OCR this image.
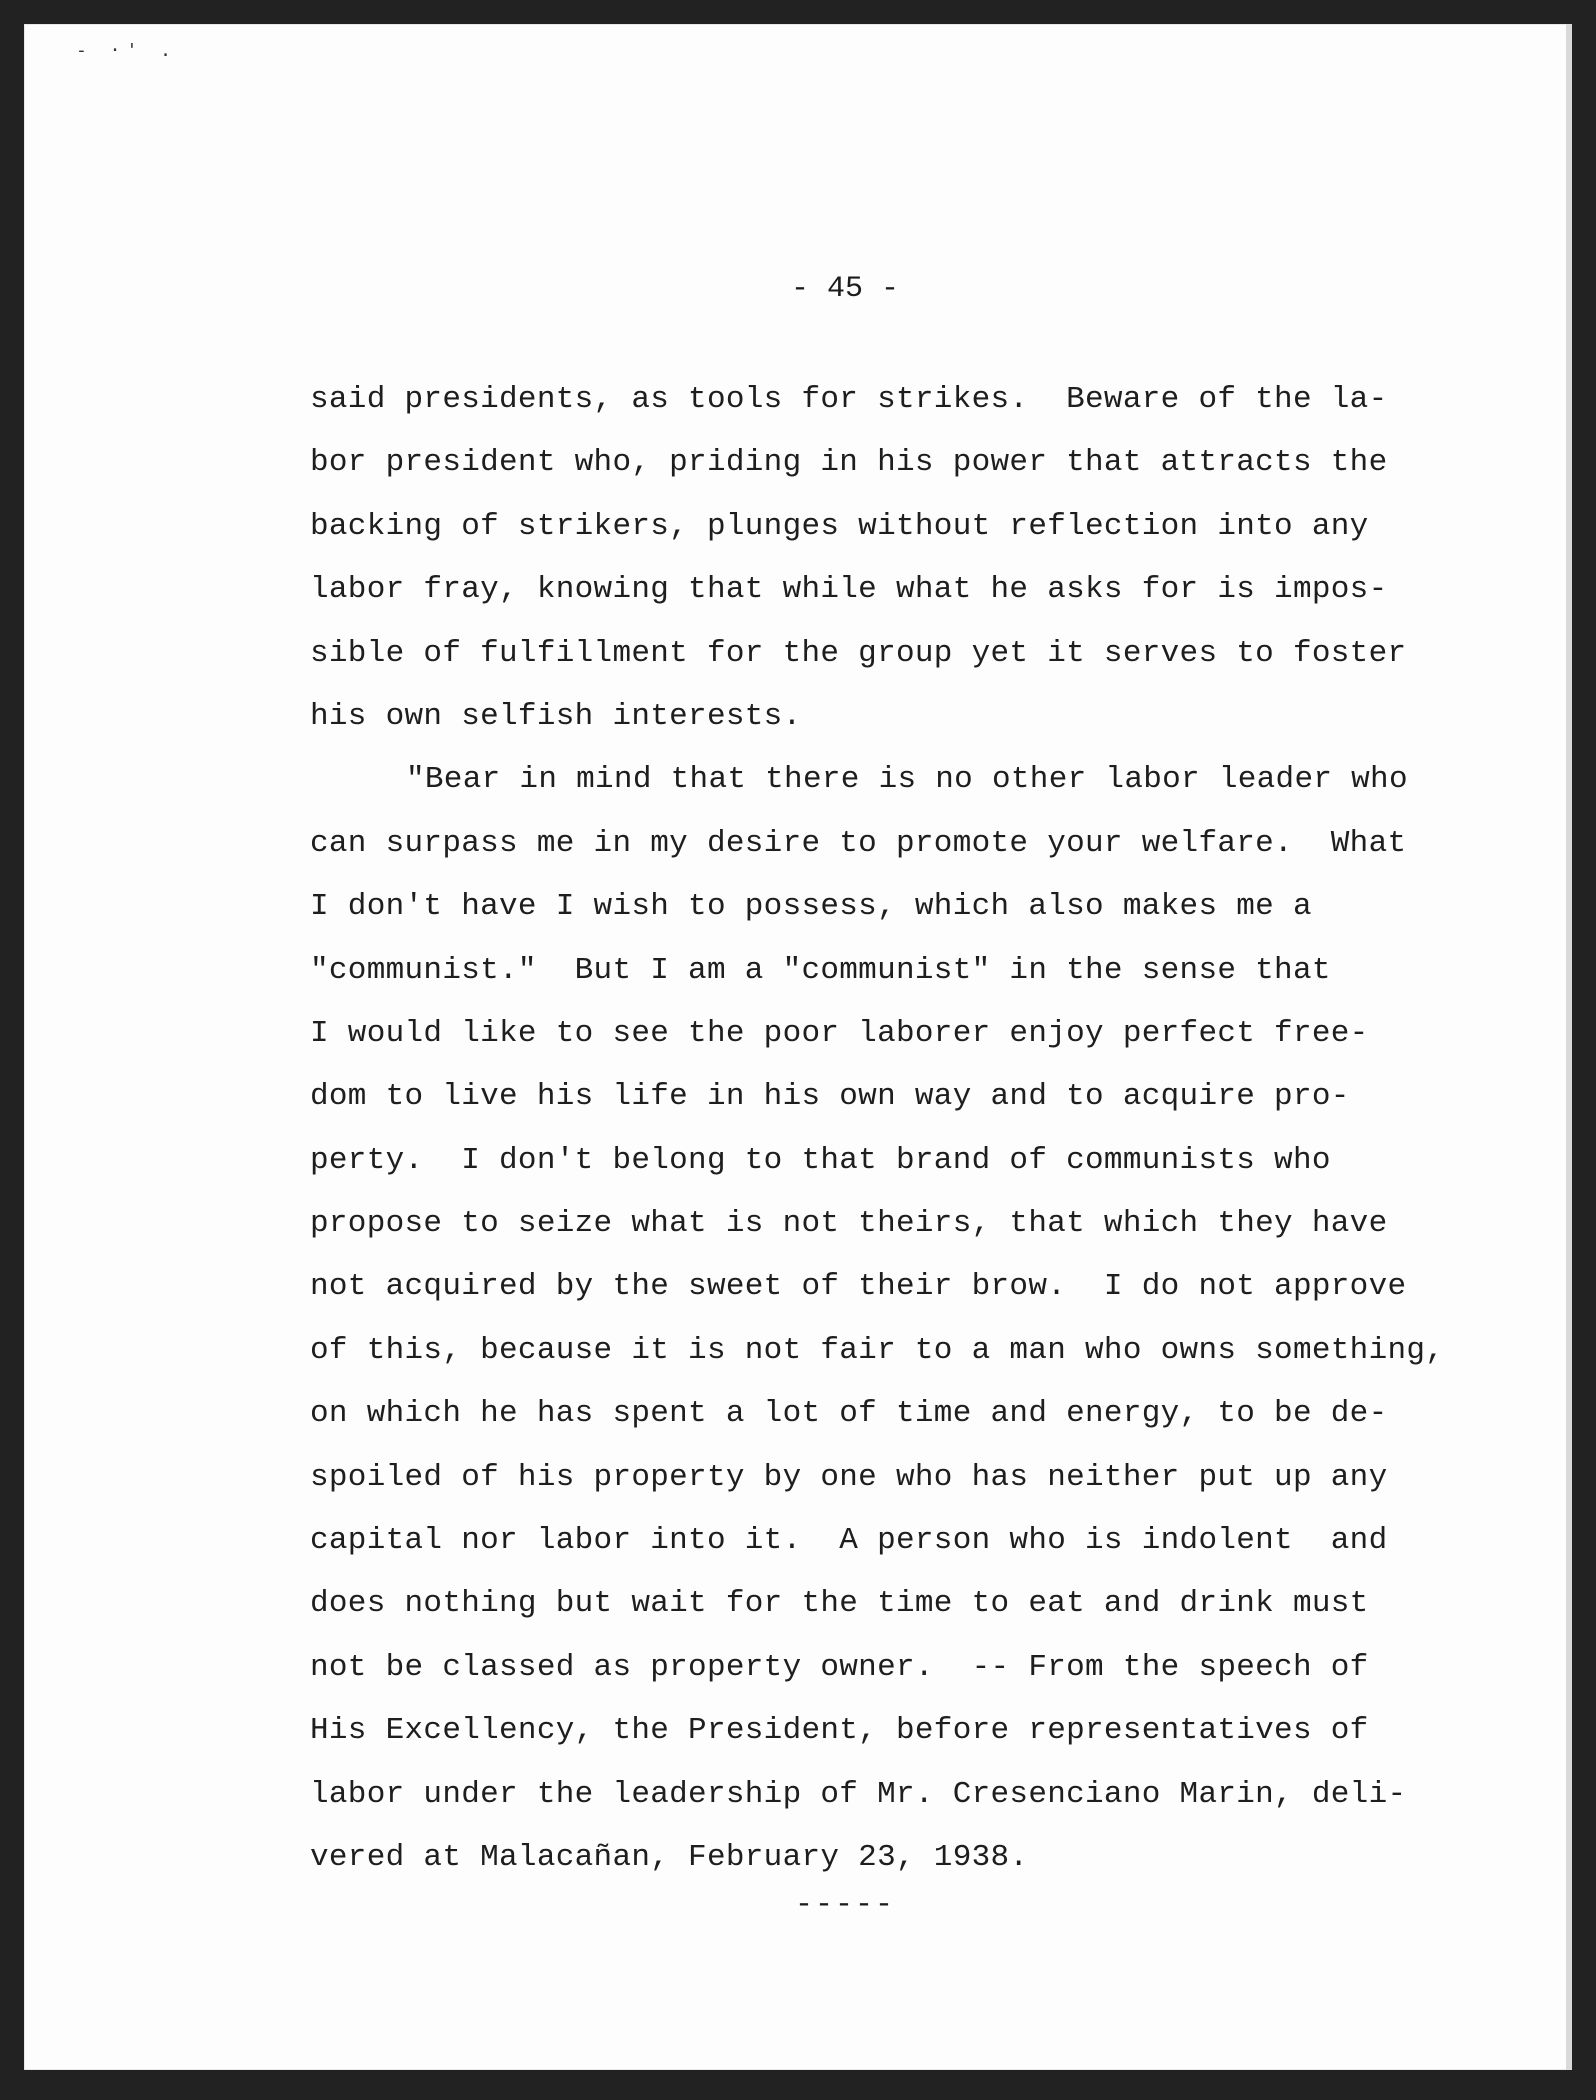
- ·' .
- 45 -
said presidents, as tools for strikes.  Beware of the la-
bor president who, priding in his power that attracts the
backing of strikers, plunges without reflection into any
labor fray, knowing that while what he asks for is impos-
sible of fulfillment for the group yet it serves to foster
his own selfish interests.
"Bear in mind that there is no other labor leader who
can surpass me in my desire to promote your welfare.  What
I don't have I wish to possess, which also makes me a
"communist."  But I am a "communist" in the sense that
I would like to see the poor laborer enjoy perfect free-
dom to live his life in his own way and to acquire pro-
perty.  I don't belong to that brand of communists who
propose to seize what is not theirs, that which they have
not acquired by the sweet of their brow.  I do not approve
of this, because it is not fair to a man who owns something,
on which he has spent a lot of time and energy, to be de-
spoiled of his property by one who has neither put up any
capital nor labor into it.  A person who is indolent  and
does nothing but wait for the time to eat and drink must
not be classed as property owner.  -- From the speech of
His Excellency, the President, before representatives of
labor under the leadership of Mr. Cresenciano Marin, deli-
vered at Malacañan, February 23, 1938.
-----
